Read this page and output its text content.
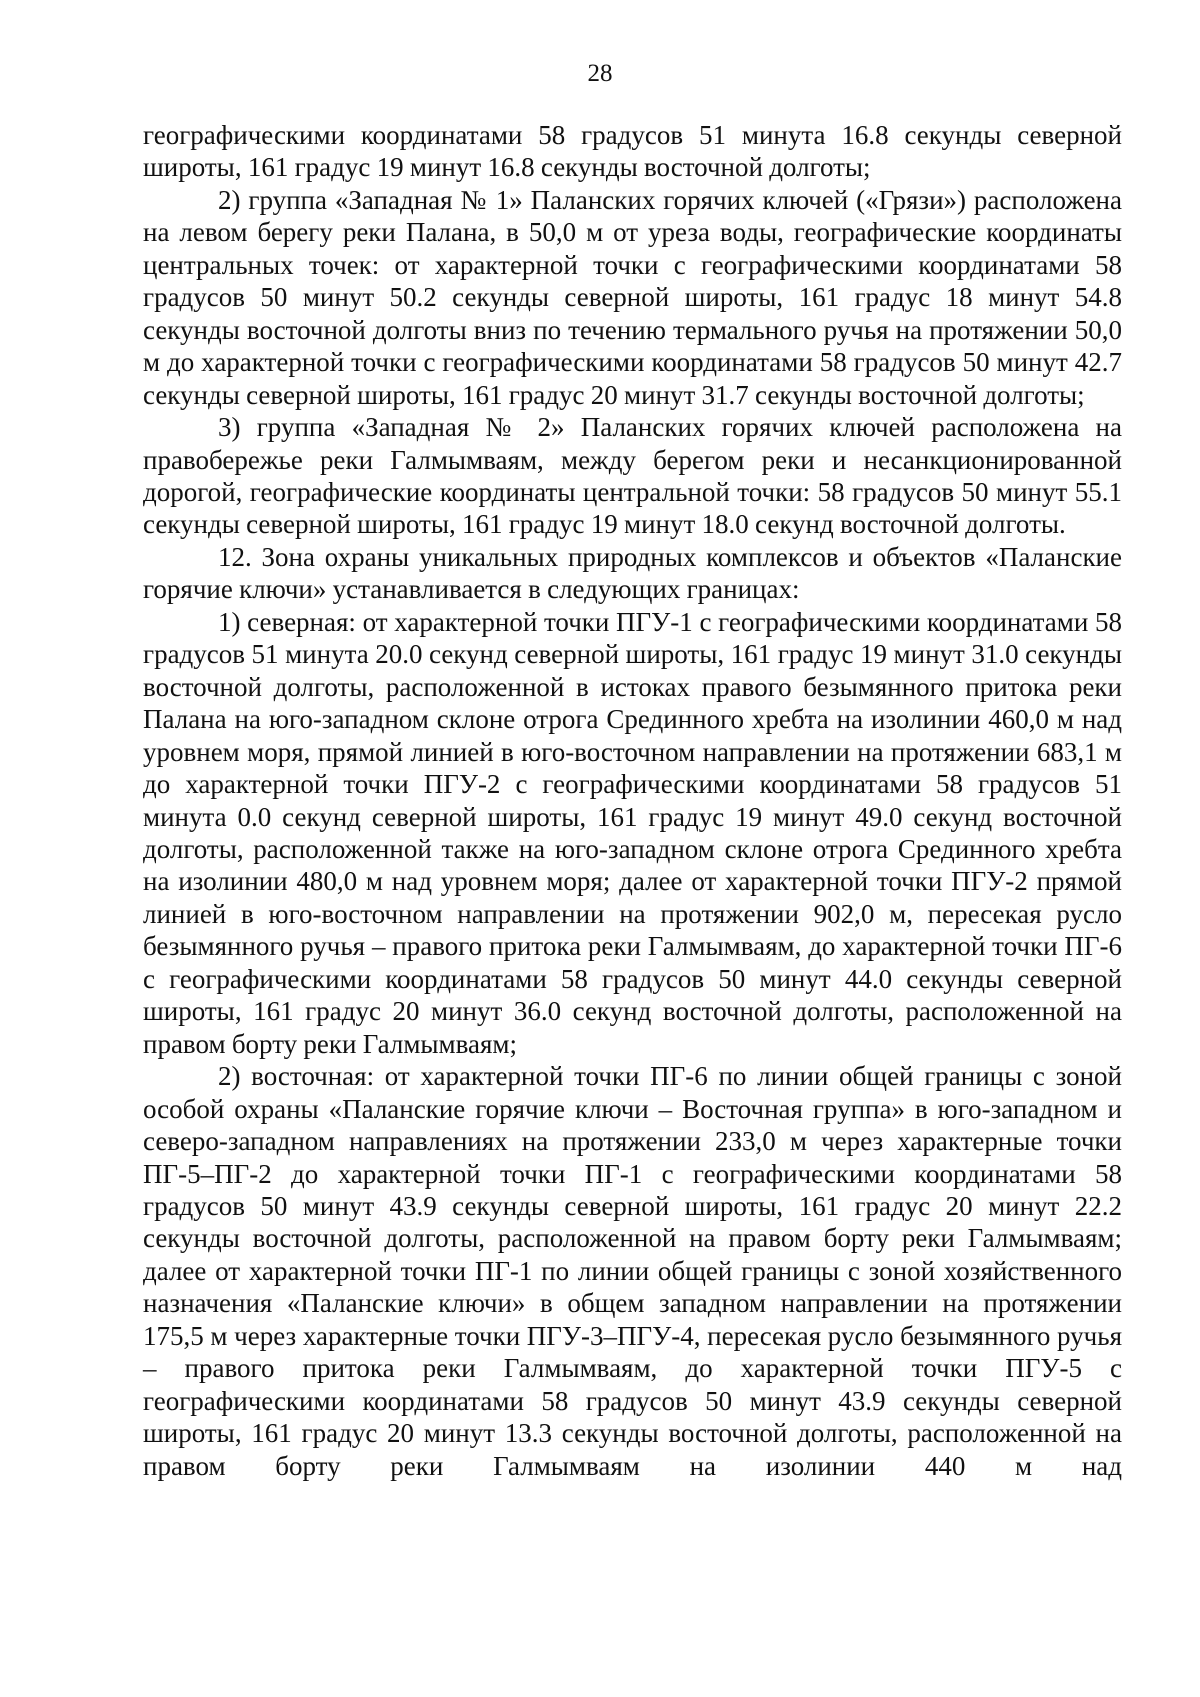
28

географическими координатами 58 градусов 51 минута 16.8 секунды северной широты, 161 градус 19 минут 16.8 секунды восточной долготы;

2) группа «Западная № 1» Паланских горячих ключей («Грязи») расположена на левом берегу реки Палана, в 50,0 м от уреза воды, географические координаты центральных точек: от характерной точки с географическими координатами 58 градусов 50 минут 50.2 секунды северной широты, 161 градус 18 минут 54.8 секунды восточной долготы вниз по течению термального ручья на протяжении 50,0 м до характерной точки с географическими координатами 58 градусов 50 минут 42.7 секунды северной широты, 161 градус 20 минут 31.7 секунды восточной долготы;

3) группа «Западная № 2» Паланских горячих ключей расположена на правобережье реки Галмымваям, между берегом реки и несанкционированной дорогой, географические координаты центральной точки: 58 градусов 50 минут 55.1 секунды северной широты, 161 градус 19 минут 18.0 секунд восточной долготы.

12. Зона охраны уникальных природных комплексов и объектов «Паланские горячие ключи» устанавливается в следующих границах:

1) северная: от характерной точки ПГУ-1 с географическими координатами 58 градусов 51 минута 20.0 секунд северной широты, 161 градус 19 минут 31.0 секунды восточной долготы, расположенной в истоках правого безымянного притока реки Палана на юго-западном склоне отрога Срединного хребта на изолинии 460,0 м над уровнем моря, прямой линией в юго-восточном направлении на протяжении 683,1 м до характерной точки ПГУ-2 с географическими координатами 58 градусов 51 минута 0.0 секунд северной широты, 161 градус 19 минут 49.0 секунд восточной долготы, расположенной также на юго-западном склоне отрога Срединного хребта на изолинии 480,0 м над уровнем моря; далее от характерной точки ПГУ-2 прямой линией в юго-восточном направлении на протяжении 902,0 м, пересекая русло безымянного ручья – правого притока реки Галмымваям, до характерной точки ПГ-6 с географическими координатами 58 градусов 50 минут 44.0 секунды северной широты, 161 градус 20 минут 36.0 секунд восточной долготы, расположенной на правом борту реки Галмымваям;

2) восточная: от характерной точки ПГ-6 по линии общей границы с зоной особой охраны «Паланские горячие ключи – Восточная группа» в юго-западном и северо-западном направлениях на протяжении 233,0 м через характерные точки ПГ-5–ПГ-2 до характерной точки ПГ-1 с географическими координатами 58 градусов 50 минут 43.9 секунды северной широты, 161 градус 20 минут 22.2 секунды восточной долготы, расположенной на правом борту реки Галмымваям; далее от характерной точки ПГ-1 по линии общей границы с зоной хозяйственного назначения «Паланские ключи» в общем западном направлении на протяжении 175,5 м через характерные точки ПГУ-3–ПГУ-4, пересекая русло безымянного ручья – правого притока реки Галмымваям, до характерной точки ПГУ-5 с географическими координатами 58 градусов 50 минут 43.9 секунды северной широты, 161 градус 20 минут 13.3 секунды восточной долготы, расположенной на правом борту реки Галмымваям на изолинии 440 м над
